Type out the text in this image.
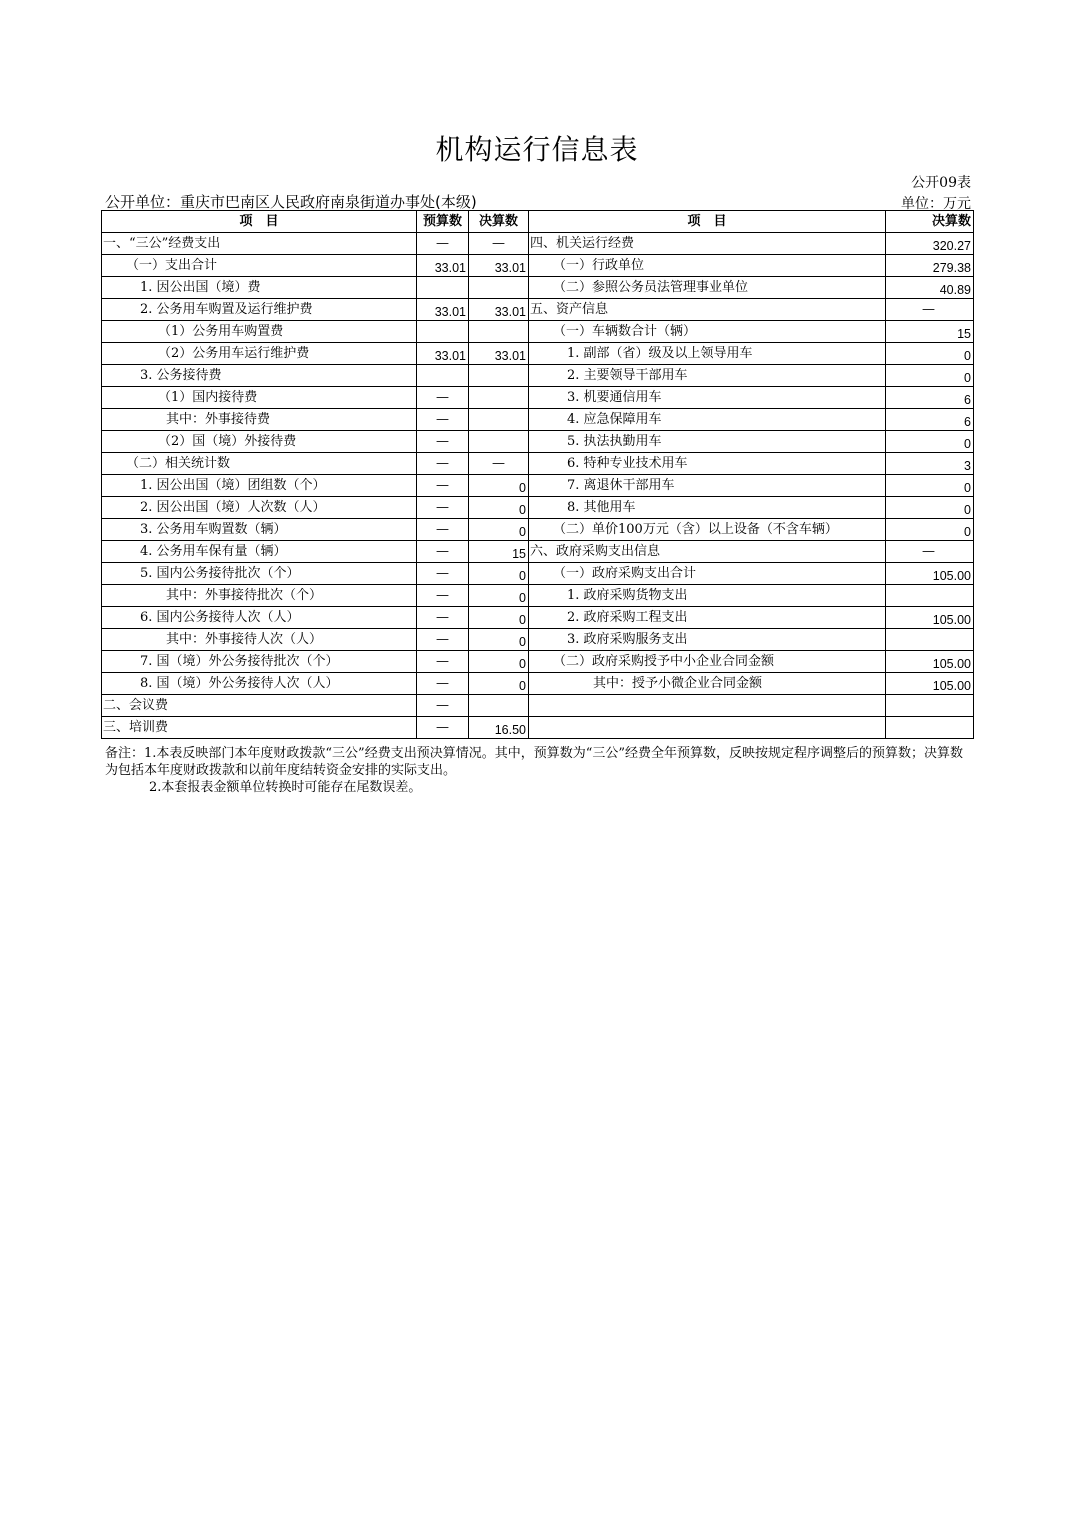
机构运行信息表
公开09表
公开单位：重庆市巴南区人民政府南泉街道办事处(本级)	单位：万元
项　目	预算数	决算数	项　目	决算数
一、“三公”经费支出	—	—	四、机关运行经费	320.27
（一）支出合计	33.01	33.01	（一）行政单位	279.38
1. 因公出国（境）费			（二）参照公务员法管理事业单位	40.89
2. 公务用车购置及运行维护费	33.01	33.01	五、资产信息	—
（1）公务用车购置费			（一）车辆数合计（辆）	15
（2）公务用车运行维护费	33.01	33.01	1. 副部（省）级及以上领导用车	0
3. 公务接待费			2. 主要领导干部用车	0
（1）国内接待费	—		3. 机要通信用车	6
其中：外事接待费	—		4. 应急保障用车	6
（2）国（境）外接待费	—		5. 执法执勤用车	0
（二）相关统计数	—	—	6. 特种专业技术用车	3
1. 因公出国（境）团组数（个）	—	0	7. 离退休干部用车	0
2. 因公出国（境）人次数（人）	—	0	8. 其他用车	0
3. 公务用车购置数（辆）	—	0	（二）单价100万元（含）以上设备（不含车辆）	0
4. 公务用车保有量（辆）	—	15	六、政府采购支出信息	—
5. 国内公务接待批次（个）	—	0	（一）政府采购支出合计	105.00
其中：外事接待批次（个）	—	0	1. 政府采购货物支出	
6. 国内公务接待人次（人）	—	0	2. 政府采购工程支出	105.00
其中：外事接待人次（人）	—	0	3. 政府采购服务支出	
7. 国（境）外公务接待批次（个）	—	0	（二）政府采购授予中小企业合同金额	105.00
8. 国（境）外公务接待人次（人）	—	0	其中：授予小微企业合同金额	105.00
二、会议费	—			
三、培训费	—	16.50		

备注：1.本表反映部门本年度财政拨款“三公”经费支出预决算情况。其中，预算数为“三公”经费全年预算数，反映按规定程序调整后的预算数；决算数为包括本年度财政拨款和以前年度结转资金安排的实际支出。

2.本套报表金额单位转换时可能存在尾数误差。
